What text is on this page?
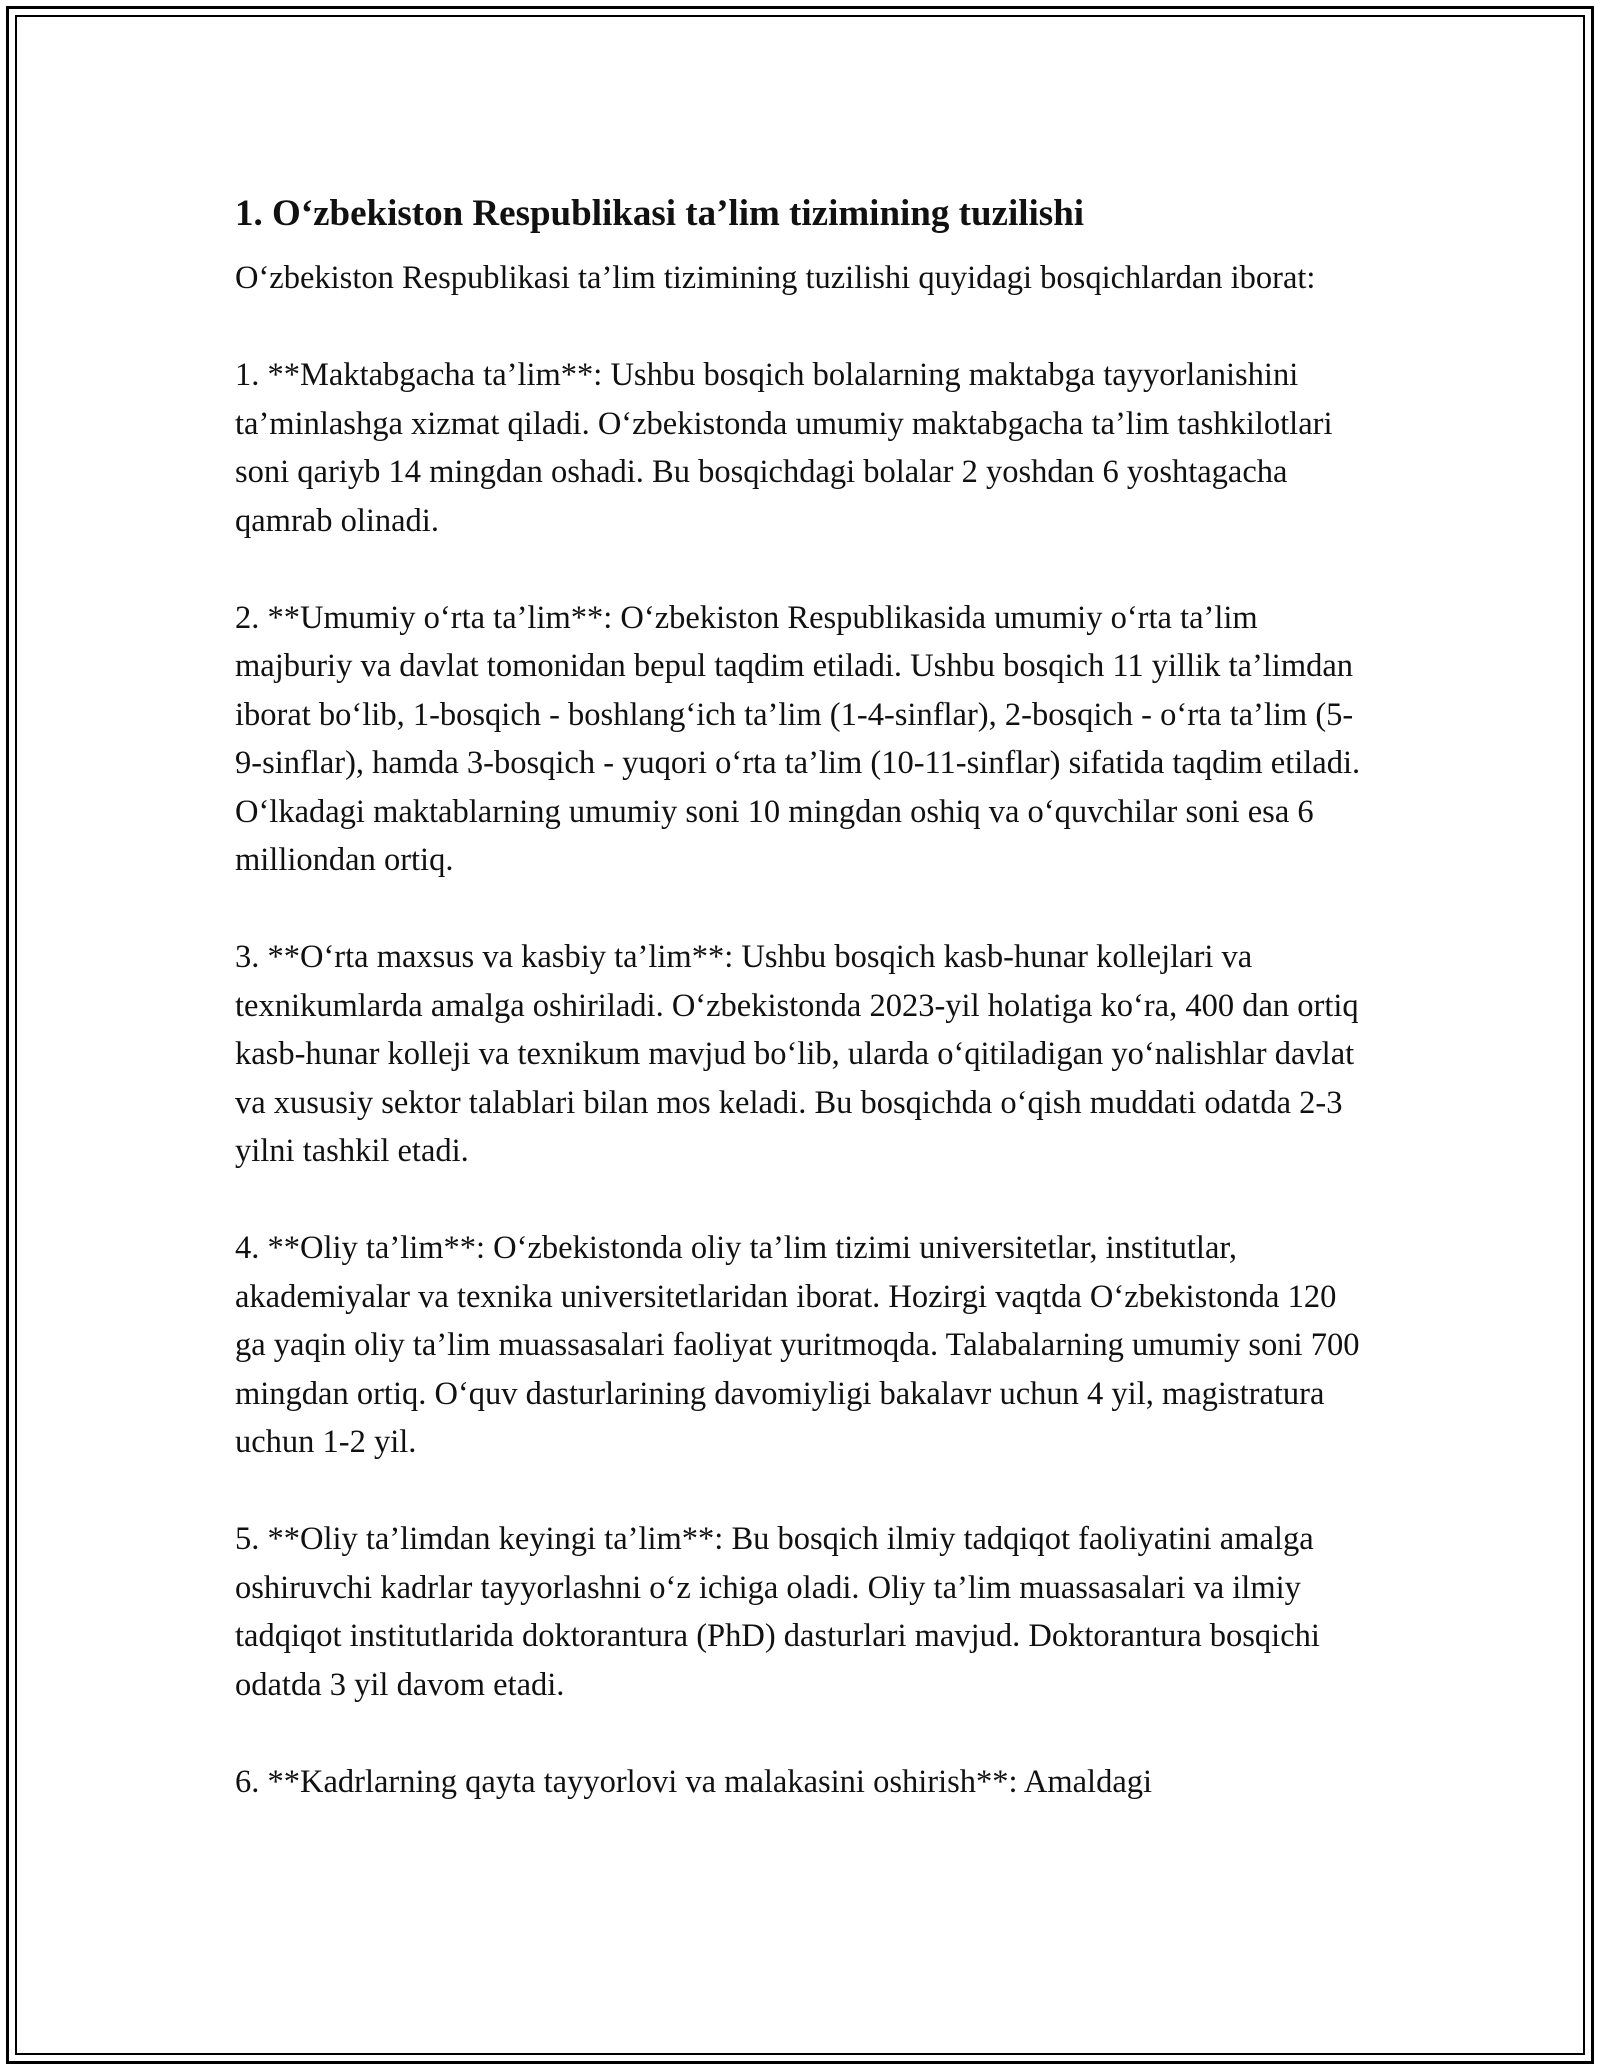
1. O‘zbekiston Respublikasi ta’lim tizimining tuzilishi

O‘zbekiston Respublikasi ta’lim tizimining tuzilishi quyidagi bosqichlardan iborat:

1. **Maktabgacha ta’lim**: Ushbu bosqich bolalarning maktabga tayyorlanishini ta’minlashga xizmat qiladi. O‘zbekistonda umumiy maktabgacha ta’lim tashkilotlari soni qariyb 14 mingdan oshadi. Bu bosqichdagi bolalar 2 yoshdan 6 yoshtagacha qamrab olinadi.

2. **Umumiy o‘rta ta’lim**: O‘zbekiston Respublikasida umumiy o‘rta ta’lim majburiy va davlat tomonidan bepul taqdim etiladi. Ushbu bosqich 11 yillik ta’limdan iborat bo‘lib, 1-bosqich - boshlang‘ich ta’lim (1-4-sinflar), 2-bosqich - o‘rta ta’lim (5-9-sinflar), hamda 3-bosqich - yuqori o‘rta ta’lim (10-11-sinflar) sifatida taqdim etiladi. O‘lkadagi maktablarning umumiy soni 10 mingdan oshiq va o‘quvchilar soni esa 6 milliondan ortiq.

3. **O‘rta maxsus va kasbiy ta’lim**: Ushbu bosqich kasb-hunar kollejlari va texnikumlarda amalga oshiriladi. O‘zbekistonda 2023-yil holatiga ko‘ra, 400 dan ortiq kasb-hunar kolleji va texnikum mavjud bo‘lib, ularda o‘qitiladigan yo‘nalishlar davlat va xususiy sektor talablari bilan mos keladi. Bu bosqichda o‘qish muddati odatda 2-3 yilni tashkil etadi.

4. **Oliy ta’lim**: O‘zbekistonda oliy ta’lim tizimi universitetlar, institutlar, akademiyalar va texnika universitetlaridan iborat. Hozirgi vaqtda O‘zbekistonda 120 ga yaqin oliy ta’lim muassasalari faoliyat yuritmoqda. Talabalarning umumiy soni 700 mingdan ortiq. O‘quv dasturlarining davomiyligi bakalavr uchun 4 yil, magistratura uchun 1-2 yil.

5. **Oliy ta’limdan keyingi ta’lim**: Bu bosqich ilmiy tadqiqot faoliyatini amalga oshiruvchi kadrlar tayyorlashni o‘z ichiga oladi. Oliy ta’lim muassasalari va ilmiy tadqiqot institutlarida doktorantura (PhD) dasturlari mavjud. Doktorantura bosqichi odatda 3 yil davom etadi.

6. **Kadrlarning qayta tayyorlovi va malakasini oshirish**: Amaldagi
